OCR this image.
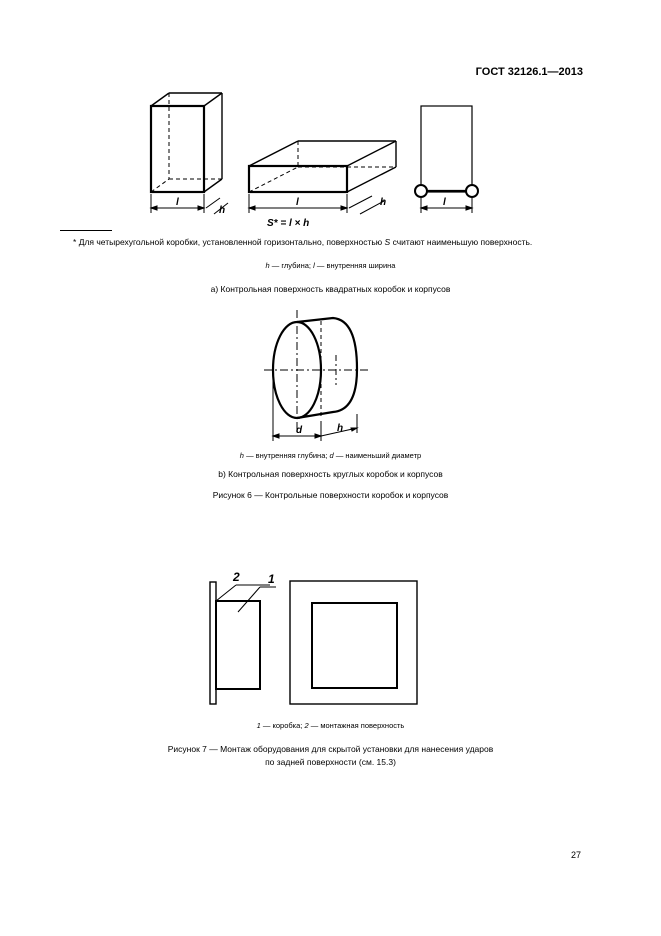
ГОСТ 32126.1—2013
l
h
l	h
S* = l × h
l
d	h
2 1
* Для четырехугольной коробки, установленной горизонтально, поверхностью S считают наименьшую поверхность.
h — глубина; l — внутренняя ширина
а) Контрольная поверхность квадратных коробок и корпусов
h — внутренняя глубина; d — наименьший диаметр
b) Контрольная поверхность круглых коробок и корпусов
Рисунок 6 — Контрольные поверхности коробок и корпусов
1 — коробка; 2 — монтажная поверхность
Рисунок 7 — Монтаж оборудования для скрытой установки для нанесения ударов
по задней поверхности (см. 15.3)
27
